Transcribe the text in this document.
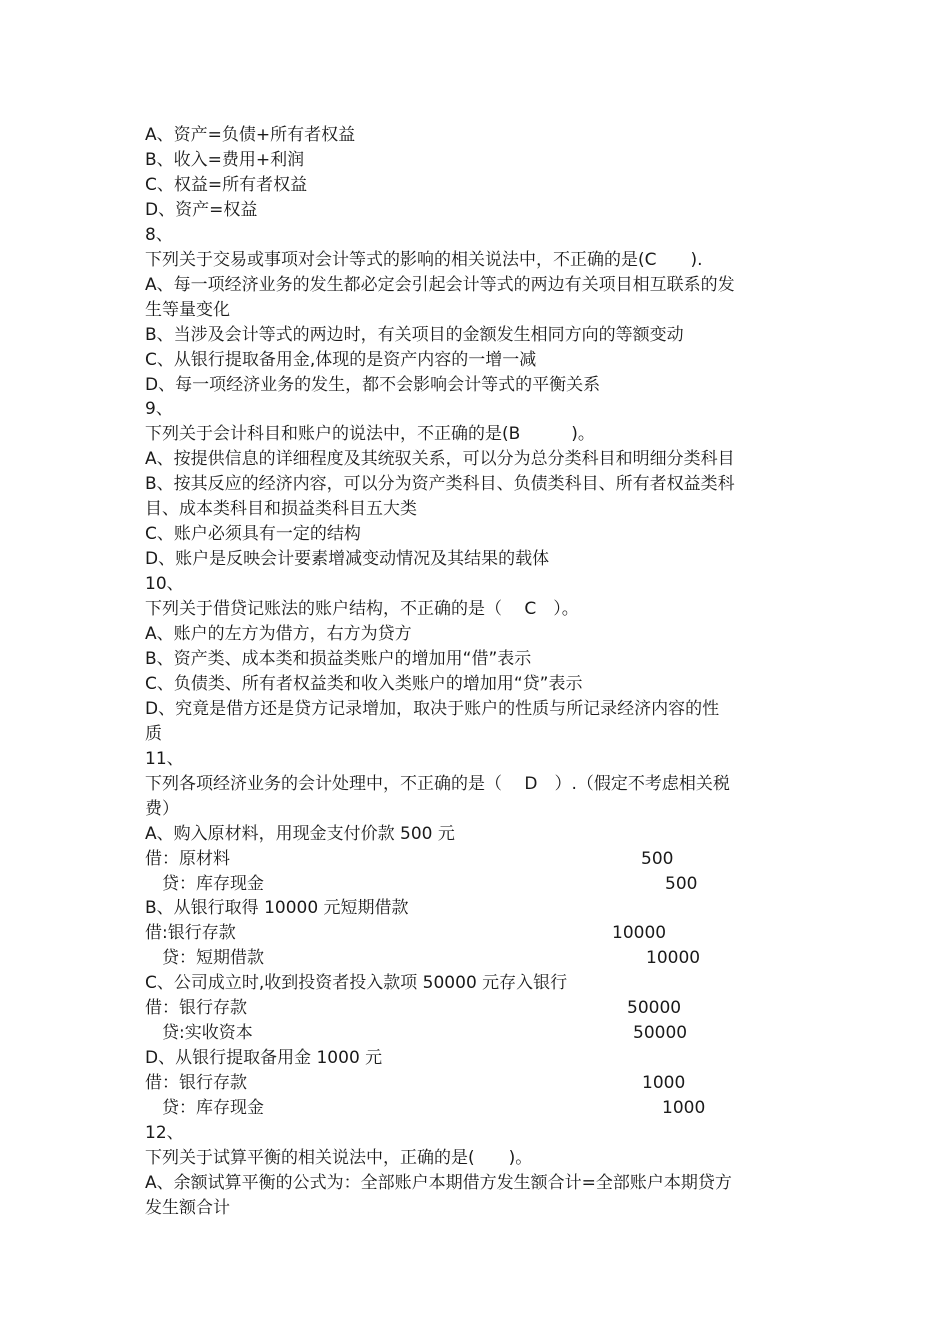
A、资产=负债+所有者权益
B、收入=费用+利润
C、权益=所有者权益
D、资产=权益
8、
下列关于交易或事项对会计等式的影响的相关说法中，不正确的是(C　　).
A、每一项经济业务的发生都必定会引起会计等式的两边有关项目相互联系的发
生等量变化
B、当涉及会计等式的两边时，有关项目的金额发生相同方向的等额变动
C、从银行提取备用金,体现的是资产内容的一增一减
D、每一项经济业务的发生，都不会影响会计等式的平衡关系
9、
下列关于会计科目和账户的说法中，不正确的是(B　　　)。
A、按提供信息的详细程度及其统驭关系，可以分为总分类科目和明细分类科目
B、按其反应的经济内容，可以分为资产类科目、负债类科目、所有者权益类科
目、成本类科目和损益类科目五大类
C、账户必须具有一定的结构
D、账户是反映会计要素增减变动情况及其结果的载体
10、
下列关于借贷记账法的账户结构，不正确的是（　 C　）。
A、账户的左方为借方，右方为贷方
B、资产类、成本类和损益类账户的增加用“借”表示
C、负债类、所有者权益类和收入类账户的增加用“贷”表示
D、究竟是借方还是贷方记录增加，取决于账户的性质与所记录经济内容的性
质
11、
下列各项经济业务的会计处理中，不正确的是（　 D　）.（假定不考虑相关税
费）
A、购入原材料，用现金支付价款 500 元
借：原材料
　贷：库存现金
B、从银行取得 10000 元短期借款
借:银行存款
　贷：短期借款
C、公司成立时,收到投资者投入款项 50000 元存入银行
借：银行存款
　贷:实收资本
D、从银行提取备用金 1000 元
借：银行存款
　贷：库存现金
12、
下列关于试算平衡的相关说法中，正确的是(　　)。
A、余额试算平衡的公式为：全部账户本期借方发生额合计=全部账户本期贷方
发生额合计
500
500
10000
10000
50000
50000
1000
1000
